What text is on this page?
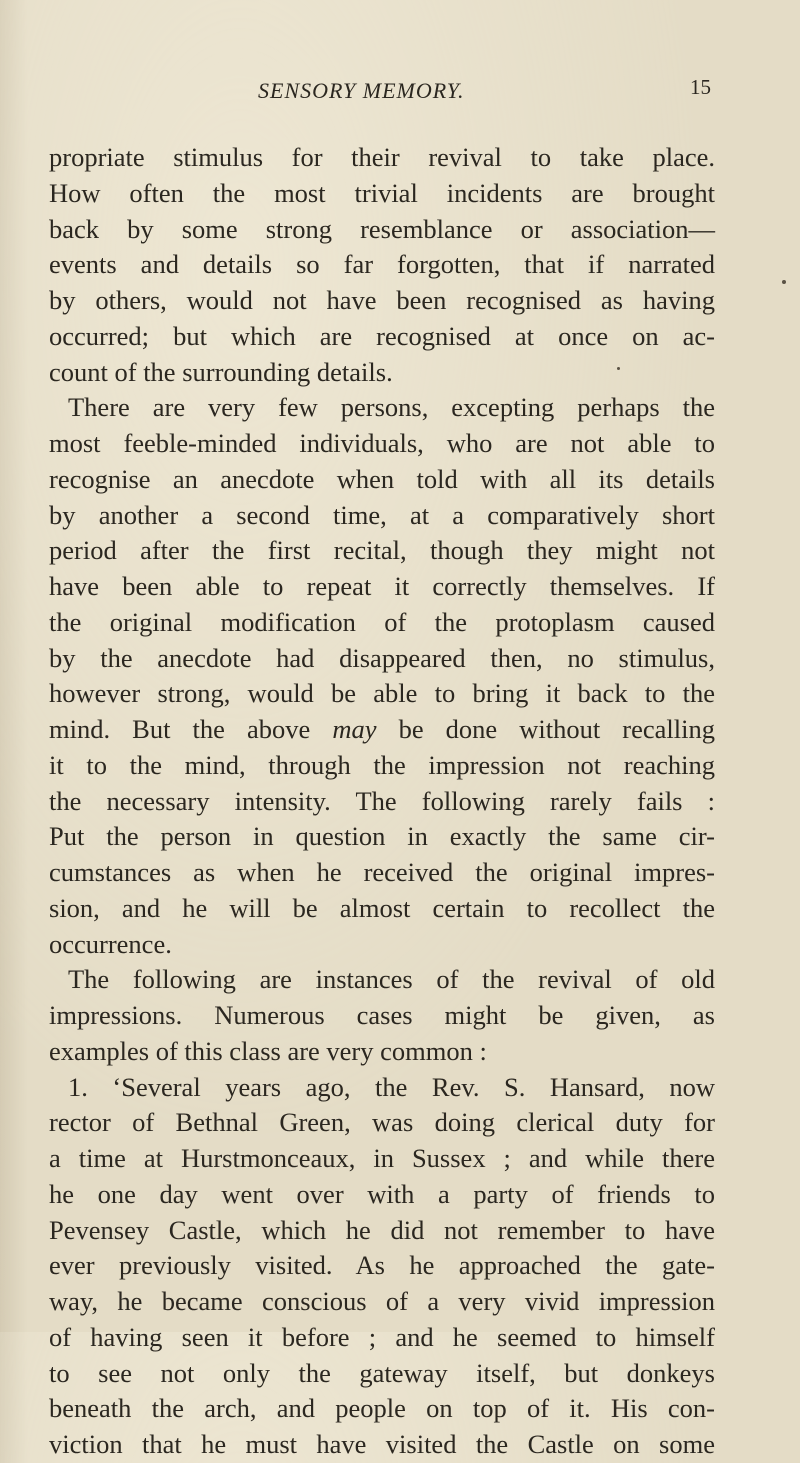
SENSORY MEMORY.	15
propriate stimulus for their revival to take place.
How often the most trivial incidents are brought
back by some strong resemblance or association—
events and details so far forgotten, that if narrated
by others, would not have been recognised as having
occurred; but which are recognised at once on ac-
count of the surrounding details.
There are very few persons, excepting perhaps the
most feeble-minded individuals, who are not able to
recognise an anecdote when told with all its details
by another a second time, at a comparatively short
period after the first recital, though they might not
have been able to repeat it correctly themselves. If
the original modification of the protoplasm caused
by the anecdote had disappeared then, no stimulus,
however strong, would be able to bring it back to the
mind. But the above may be done without recalling
it to the mind, through the impression not reaching
the necessary intensity. The following rarely fails :
Put the person in question in exactly the same cir-
cumstances as when he received the original impres-
sion, and he will be almost certain to recollect the
occurrence.
The following are instances of the revival of old
impressions. Numerous cases might be given, as
examples of this class are very common :
1. ‘Several years ago, the Rev. S. Hansard, now
rector of Bethnal Green, was doing clerical duty for
a time at Hurstmonceaux, in Sussex ; and while there
he one day went over with a party of friends to
Pevensey Castle, which he did not remember to have
ever previously visited. As he approached the gate-
way, he became conscious of a very vivid impression
of having seen it before ; and he seemed to himself
to see not only the gateway itself, but donkeys
beneath the arch, and people on top of it. His con-
viction that he must have visited the Castle on some
